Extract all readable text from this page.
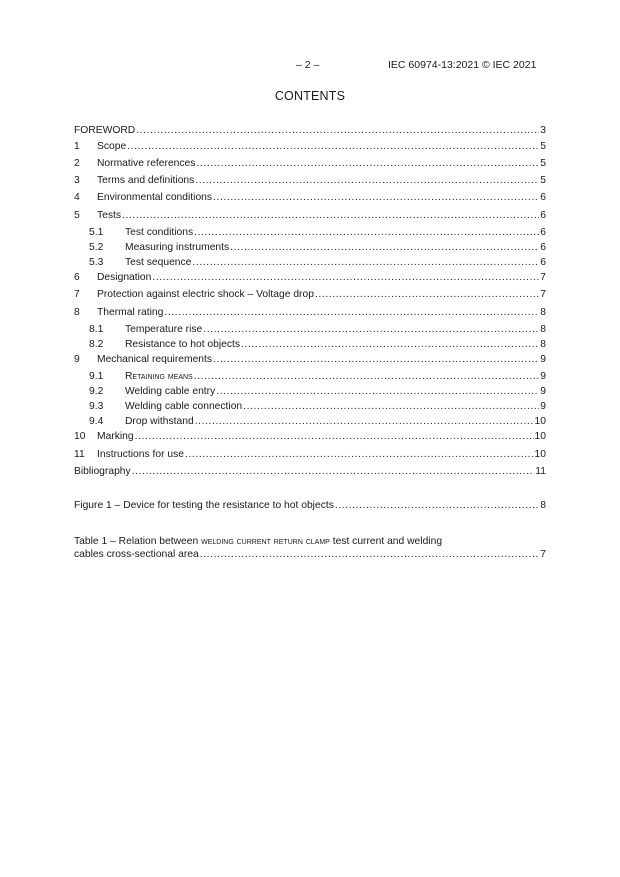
– 2 –	IEC 60974-13:2021 © IEC 2021
CONTENTS
FOREWORD .....	3
1	Scope .....	5
2	Normative references .....	5
3	Terms and definitions .....	5
4	Environmental conditions .....	6
5	Tests .....	6
5.1	Test conditions .....	6
5.2	Measuring instruments .....	6
5.3	Test sequence .....	6
6	Designation .....	7
7	Protection against electric shock – Voltage drop .....	7
8	Thermal rating .....	8
8.1	Temperature rise .....	8
8.2	Resistance to hot objects .....	8
9	Mechanical requirements .....	9
9.1	Retaining means .....	9
9.2	Welding cable entry .....	9
9.3	Welding cable connection .....	9
9.4	Drop withstand .....	10
10	Marking .....	10
11	Instructions for use .....	10
Bibliography .....	11
Figure 1 – Device for testing the resistance to hot objects .....	8
Table 1 – Relation between welding current return clamp test current and welding
cables cross-sectional area .....	7
